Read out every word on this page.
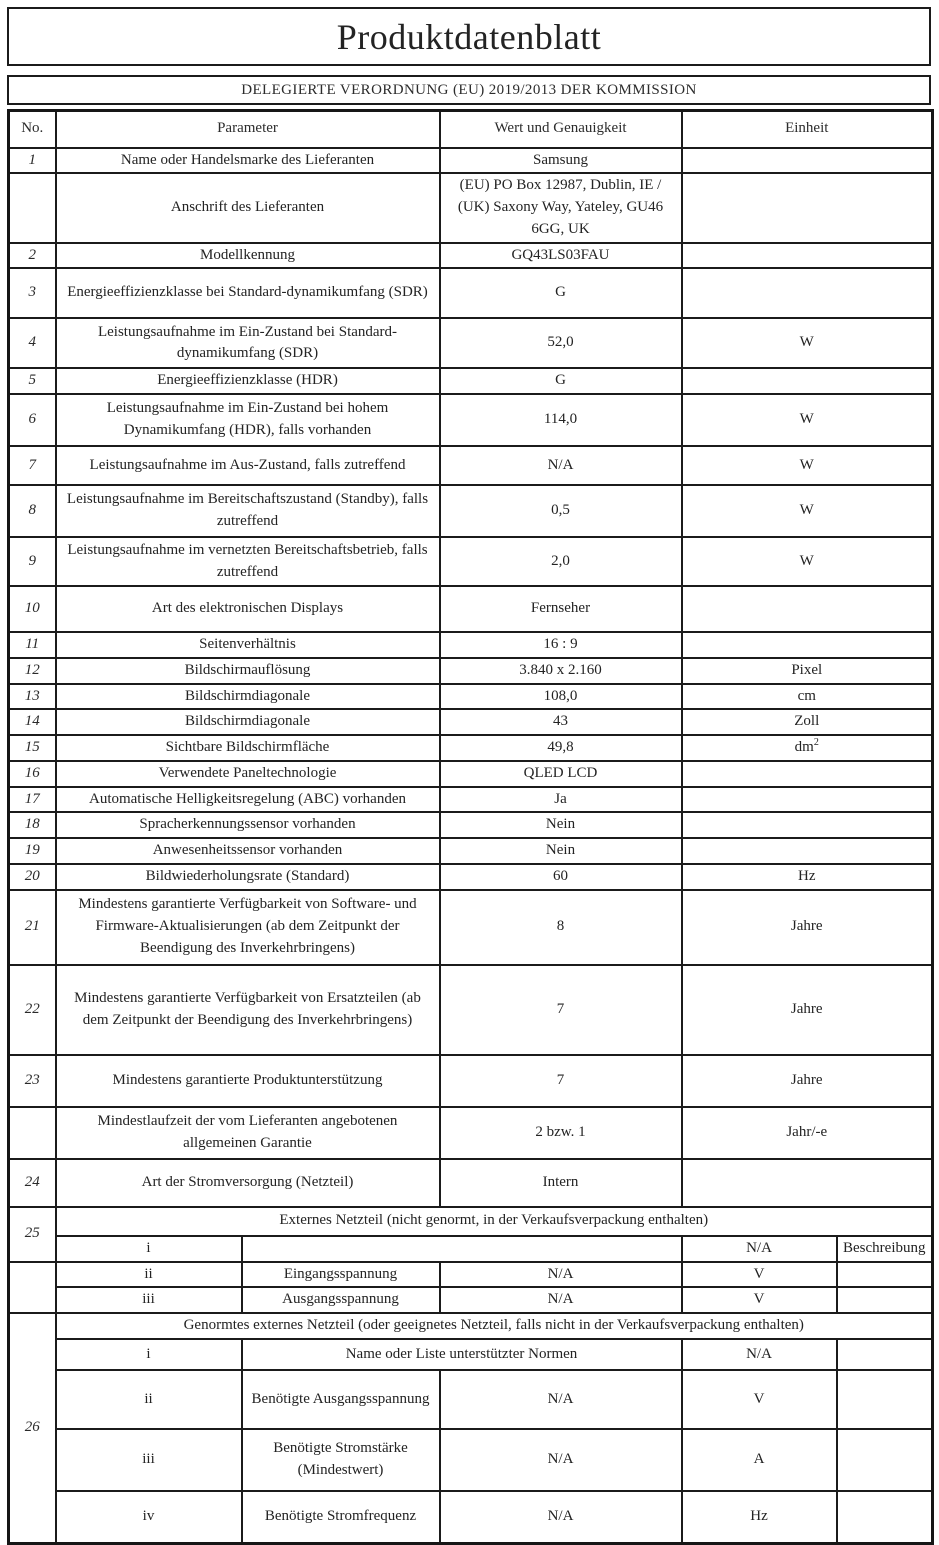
Produktdatenblatt
DELEGIERTE VERORDNUNG (EU) 2019/2013 DER KOMMISSION
No.	Parameter		Wert und Genauigkeit	Einheit	
1	Name oder Handelsmarke des Lieferanten		Samsung		
	Anschrift des Lieferanten		(EU) PO Box 12987, Dublin, IE / (UK) Saxony Way, Yateley, GU46 6GG, UK		
2	Modellkennung		GQ43LS03FAU		
3	Energieeffizienzklasse bei Standard-dynamikumfang (SDR)		G		
4	Leistungsaufnahme im Ein-Zustand bei Standard-dynamikumfang (SDR)		52,0	W	
5	Energieeffizienzklasse (HDR)		G		
6	Leistungsaufnahme im Ein-Zustand bei hohem Dynamikumfang (HDR), falls vorhanden		114,0	W	
7	Leistungsaufnahme im Aus-Zustand, falls zutreffend		N/A	W	
8	Leistungsaufnahme im Bereitschaftszustand (Standby), falls zutreffend		0,5	W	
9	Leistungsaufnahme im vernetzten Bereitschaftsbetrieb, falls zutreffend		2,0	W	
10	Art des elektronischen Displays		Fernseher		
11	Seitenverhältnis		16 : 9		
12	Bildschirmauflösung		3.840 x 2.160	Pixel	
13	Bildschirmdiagonale		108,0	cm	
14	Bildschirmdiagonale		43	Zoll	
15	Sichtbare Bildschirmfläche		49,8	$dm^2$
16	Verwendete Paneltechnologie		QLED LCD		
17	Automatische Helligkeitsregelung (ABC) vorhanden		Ja		
18	Spracherkennungssensor vorhanden		Nein		
19	Anwesenheitssensor vorhanden		Nein		
20	Bildwiederholungsrate (Standard)		60	Hz	
21	Mindestens garantierte Verfügbarkeit von Software- und Firmware-Aktualisierungen (ab dem Zeitpunkt der Beendigung des Inverkehrbringens)		8	Jahre	
22	Mindestens garantierte Verfügbarkeit von Ersatzteilen (ab dem Zeitpunkt der Beendigung des Inverkehrbringens)		7	Jahre	
23	Mindestens garantierte Produktunterstützung		7	Jahre	
	Mindestlaufzeit der vom Lieferanten angebotenen allgemeinen Garantie		2 bzw. 1	Jahr/-e	
24	Art der Stromversorgung (Netzteil)		Intern		
25	Externes Netzteil (nicht genormt, in der Verkaufsverpackung enthalten)				
	i			N/A	Beschreibung
	ii	Eingangsspannung	N/A	V	
	iii	Ausgangsspannung	N/A	V	
26	Genormtes externes Netzteil (oder geeignetes Netzteil, falls nicht in der Verkaufsverpackung enthalten)				
	i	Name oder Liste unterstützter Normen		N/A	
	ii	Benötigte Ausgangsspannung	N/A	V	
	iii	Benötigte Stromstärke (Mindestwert)	N/A	A	
	iv	Benötigte Stromfrequenz	N/A	Hz	
